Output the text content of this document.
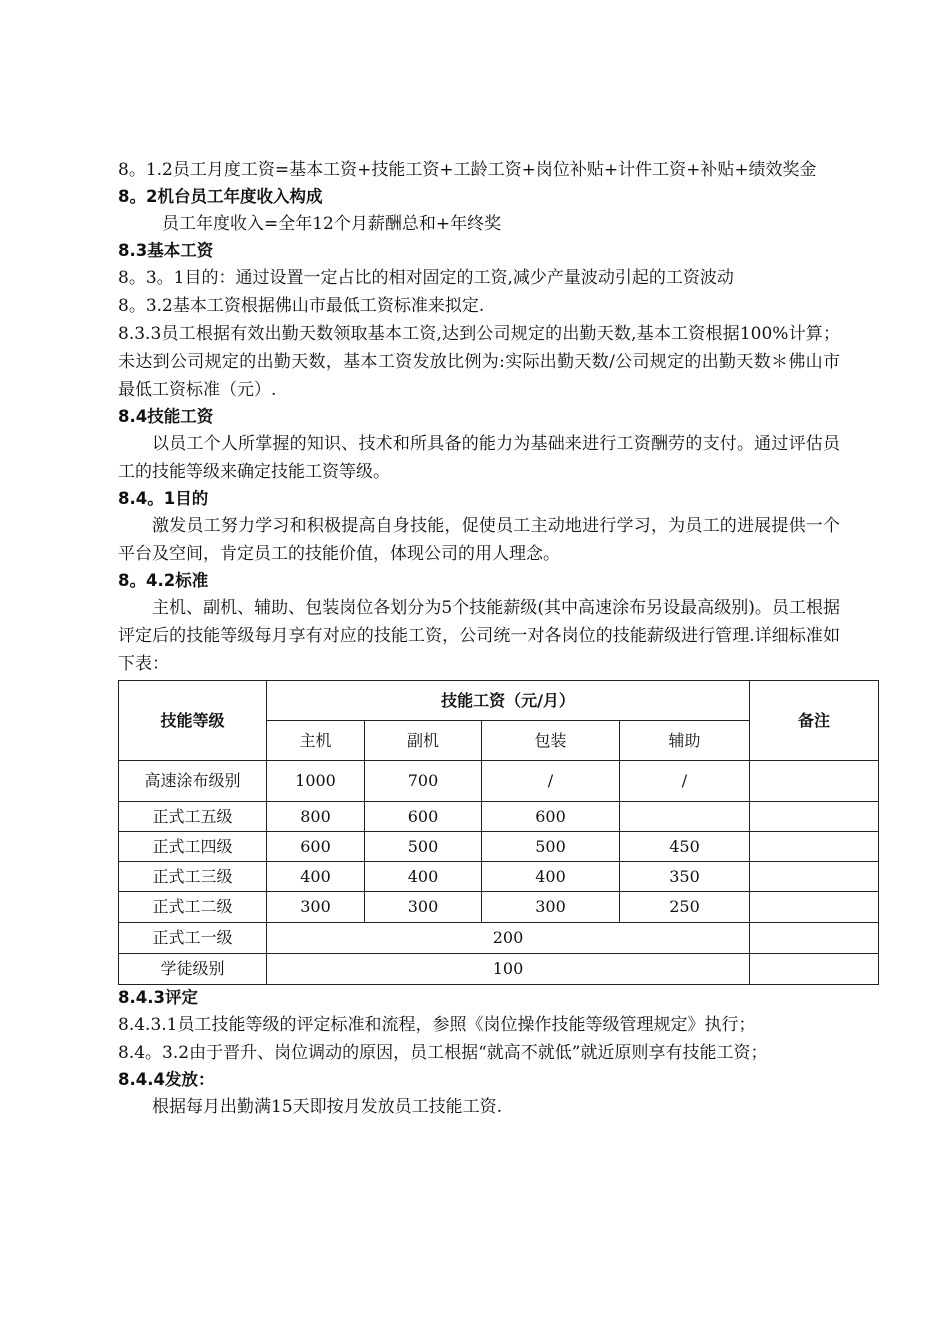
8。1.2员工月度工资=基本工资+技能工资+工龄工资+岗位补贴+计件工资+补贴+绩效奖金

8。2机台员工年度收入构成

员工年度收入=全年12个月薪酬总和+年终奖

8.3基本工资

8。3。1目的：通过设置一定占比的相对固定的工资,减少产量波动引起的工资波动

8。3.2基本工资根据佛山市最低工资标准来拟定.

8.3.3员工根据有效出勤天数领取基本工资,达到公司规定的出勤天数,基本工资根据100%计算；未达到公司规定的出勤天数，基本工资发放比例为:实际出勤天数/公司规定的出勤天数＊佛山市最低工资标准（元）.

8.4技能工资

以员工个人所掌握的知识、技术和所具备的能力为基础来进行工资酬劳的支付。通过评估员工的技能等级来确定技能工资等级。

8.4。1目的

激发员工努力学习和积极提高自身技能，促使员工主动地进行学习，为员工的进展提供一个平台及空间，肯定员工的技能价值，体现公司的用人理念。

8。4.2标准

主机、副机、辅助、包装岗位各划分为5个技能薪级(其中高速涂布另设最高级别)。员工根据评定后的技能等级每月享有对应的技能工资，公司统一对各岗位的技能薪级进行管理.详细标准如下表：

技能等级	技能工资（元/月）				备注
	主机	副机	包装	辅助	
高速涂布级别	1000	700	/	/	
正式工五级	800	600	600		
正式工四级	600	500	500	450	
正式工三级	400	400	400	350	
正式工二级	300	300	300	250	
正式工一级	200				
学徒级别	100				

8.4.3评定

8.4.3.1员工技能等级的评定标准和流程，参照《岗位操作技能等级管理规定》执行；

8.4。3.2由于晋升、岗位调动的原因，员工根据“就高不就低”就近原则享有技能工资；

8.4.4发放：

根据每月出勤满15天即按月发放员工技能工资.
